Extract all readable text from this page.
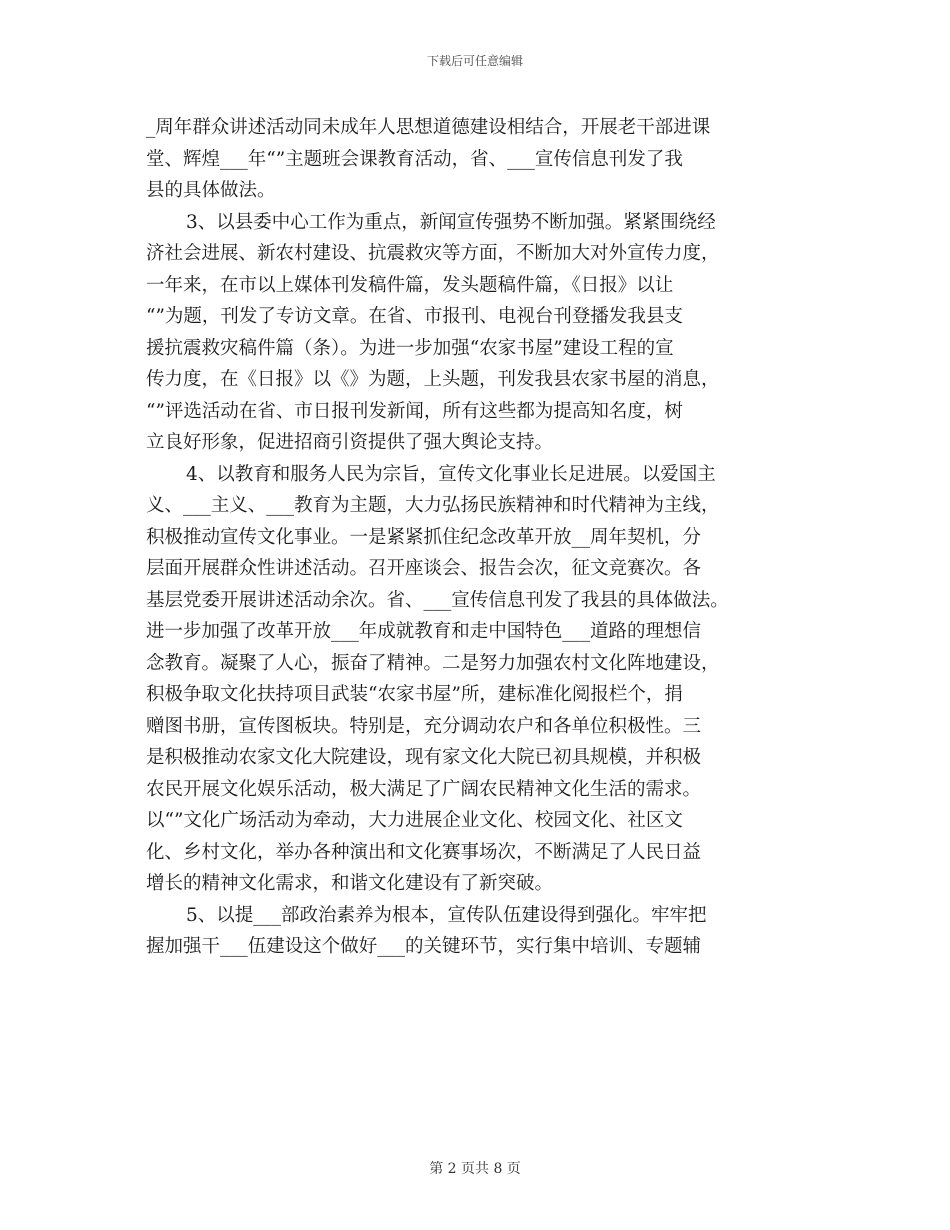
下载后可任意编辑
_周年群众讲述活动同未成年人思想道德建设相结合，开展老干部进课
堂、辉煌___年“”主题班会课教育活动，省、___宣传信息刊发了我
县的具体做法。
3、以县委中心工作为重点，新闻宣传强势不断加强。紧紧围绕经
济社会进展、新农村建设、抗震救灾等方面，不断加大对外宣传力度，
一年来，在市以上媒体刊发稿件篇，发头题稿件篇，《日报》以让
“”为题，刊发了专访文章。在省、市报刊、电视台刊登播发我县支
援抗震救灾稿件篇（条）。为进一步加强“农家书屋”建设工程的宣
传力度，在《日报》以《》为题，上头题，刊发我县农家书屋的消息，
“”评选活动在省、市日报刊发新闻，所有这些都为提高知名度，树
立良好形象，促进招商引资提供了强大舆论支持。
4、以教育和服务人民为宗旨，宣传文化事业长足进展。以爱国主
义、___主义、___教育为主题，大力弘扬民族精神和时代精神为主线，
积极推动宣传文化事业。一是紧紧抓住纪念改革开放__周年契机，分
层面开展群众性讲述活动。召开座谈会、报告会次，征文竞赛次。各
基层党委开展讲述活动余次。省、___宣传信息刊发了我县的具体做法。
进一步加强了改革开放___年成就教育和走中国特色___道路的理想信
念教育。凝聚了人心，振奋了精神。二是努力加强农村文化阵地建设，
积极争取文化扶持项目武装“农家书屋”所，建标准化阅报栏个，捐
赠图书册，宣传图板块。特别是，充分调动农户和各单位积极性。三
是积极推动农家文化大院建设，现有家文化大院已初具规模，并积极
农民开展文化娱乐活动，极大满足了广阔农民精神文化生活的需求。
以“”文化广场活动为牵动，大力进展企业文化、校园文化、社区文
化、乡村文化，举办各种演出和文化赛事场次，不断满足了人民日益
增长的精神文化需求，和谐文化建设有了新突破。
5、以提___部政治素养为根本，宣传队伍建设得到强化。牢牢把
握加强干___伍建设这个做好___的关键环节，实行集中培训、专题辅
第 2 页共 8 页
